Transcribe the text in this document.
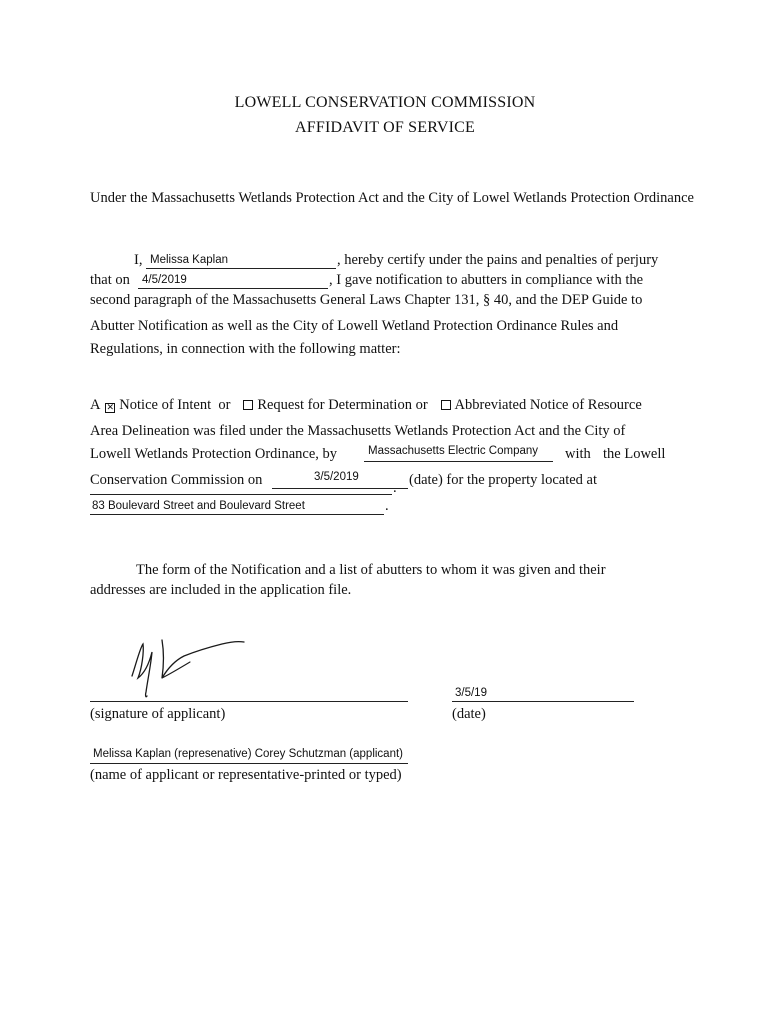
LOWELL CONSERVATION COMMISSION
AFFIDAVIT OF SERVICE
Under the Massachusetts Wetlands Protection Act and the City of Lowel Wetlands Protection Ordinance
I, Melissa Kaplan	, hereby certify under the pains and penalties of perjury
that on 4/5/2019	, I gave notification to abutters in compliance with the
second paragraph of the Massachusetts General Laws Chapter 131, § 40, and the DEP Guide to
Abutter Notification as well as the City of Lowell Wetland Protection Ordinance Rules and
Regulations, in connection with the following matter:
A ✕ Notice of Intent or Request for Determination or Abbreviated Notice of Resource
Area Delineation was filed under the Massachusetts Wetlands Protection Act and the City of
Lowell Wetlands Protection Ordinance, by	Massachusetts Electric Company with the Lowell
Conservation Commission on	3/5/2019	(date) for the property located at
.
83 Boulevard Street and Boulevard Street	.
The form of the Notification and a list of abutters to whom it was given and their
addresses are included in the application file.
(signature of applicant)
3/5/19
(date)
Melissa Kaplan (represenative) Corey Schutzman (applicant)
(name of applicant or representative-printed or typed)
